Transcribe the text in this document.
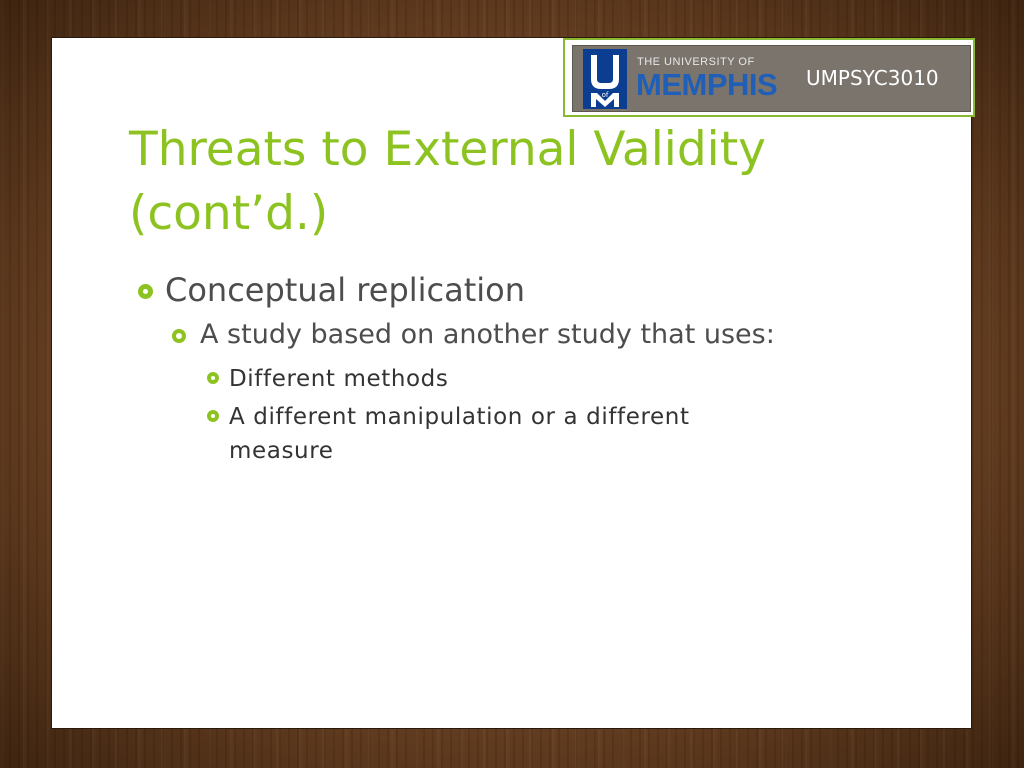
of
THE UNIVERSITY OF
MEMPHIS UMPSYC3010
Threats to External Validity
(cont’d.)
Conceptual replication
A study based on another study that uses:
Different methods
A different manipulation or a different measure
